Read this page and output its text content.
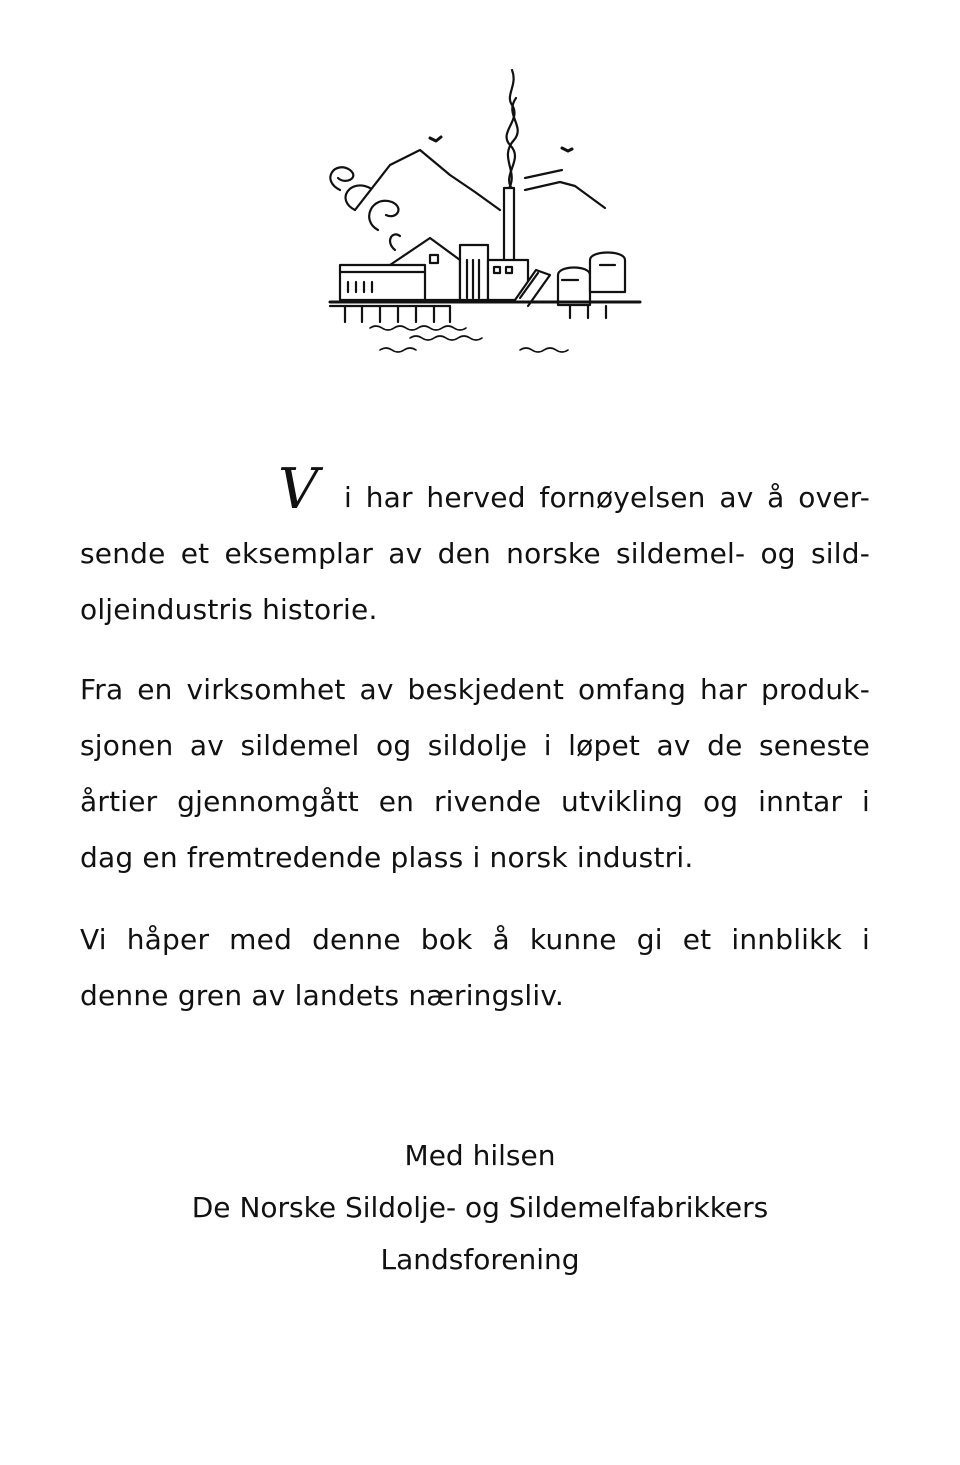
V i har herved fornøyelsen av å over-
sende et eksemplar av den norske sildemel- og sild-
oljeindustris historie.
Fra en virksomhet av beskjedent omfang har produk-
sjonen av sildemel og sildolje i løpet av de seneste
årtier gjennomgått en rivende utvikling og inntar i
dag en fremtredende plass i norsk industri.
Vi håper med denne bok å kunne gi et innblikk i
denne gren av landets næringsliv.
Med hilsen
De Norske Sildolje- og Sildemelfabrikkers
Landsforening
